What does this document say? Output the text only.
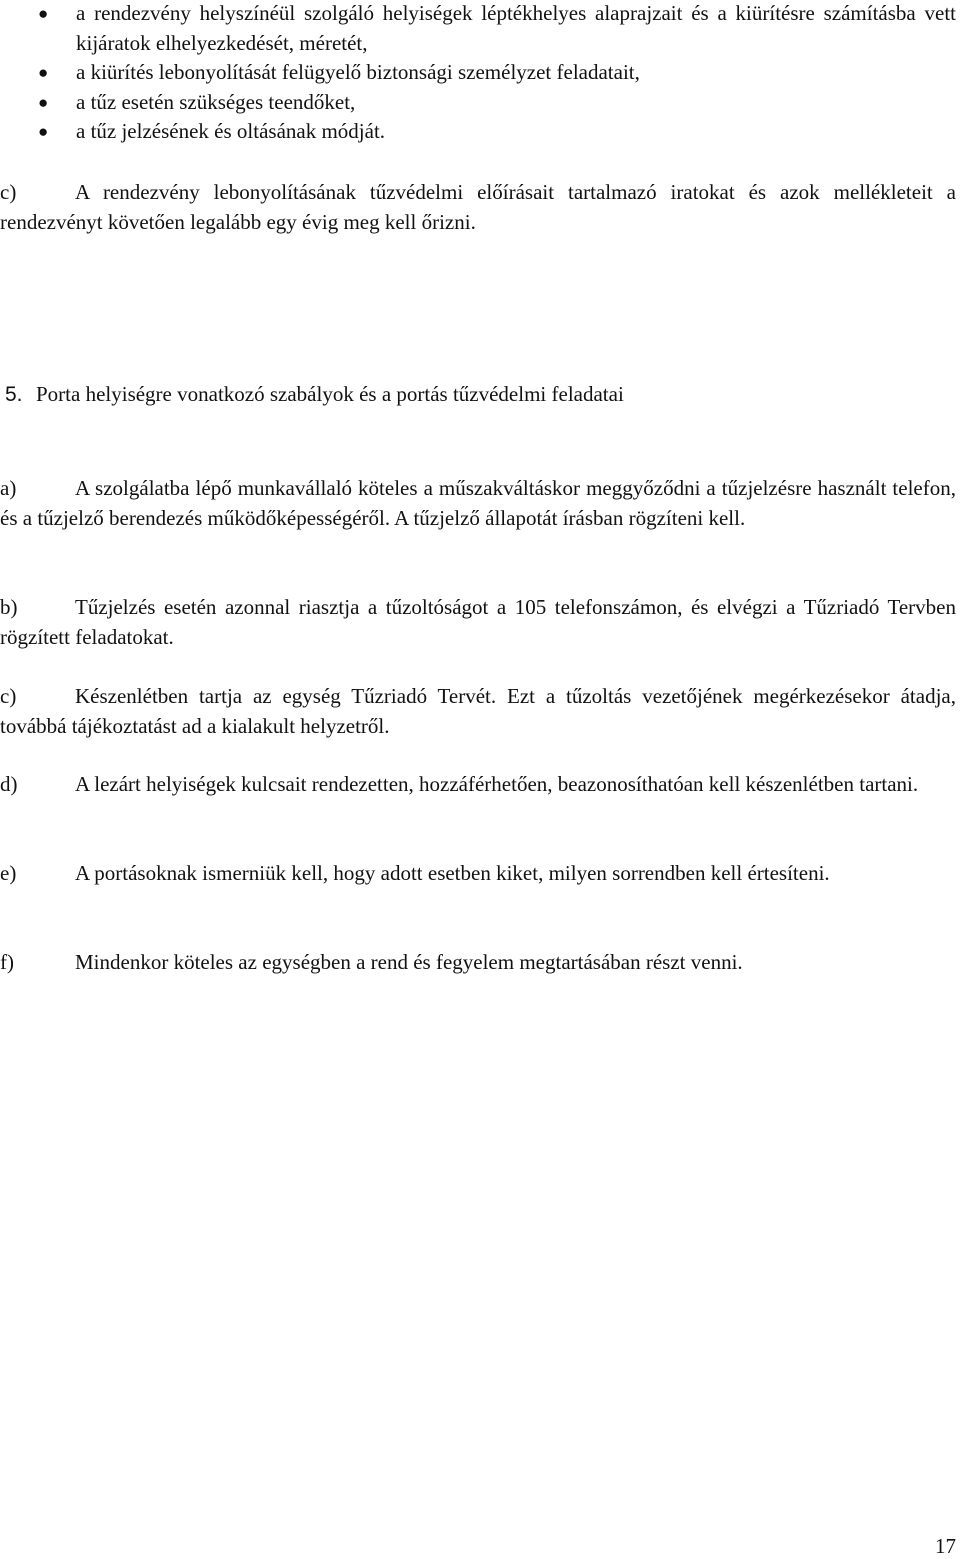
● a rendezvény helyszínéül szolgáló helyiségek léptékhelyes alaprajzait és a kiürítésre számításba vett kijáratok elhelyezkedését, méretét,
● a kiürítés lebonyolítását felügyelő biztonsági személyzet feladatait,
● a tűz esetén szükséges teendőket,
● a tűz jelzésének és oltásának módját.

c)	A rendezvény lebonyolításának tűzvédelmi előírásait tartalmazó iratokat és azok mellékleteit a rendezvényt követően legalább egy évig meg kell őrizni.

5. Porta helyiségre vonatkozó szabályok és a portás tűzvédelmi feladatai

a)	A szolgálatba lépő munkavállaló köteles a műszakváltáskor meggyőződni a tűzjelzésre használt telefon, és a tűzjelző berendezés működőképességéről. A tűzjelző állapotát írásban rögzíteni kell.

b)	Tűzjelzés esetén azonnal riasztja a tűzoltóságot a 105 telefonszámon, és elvégzi a Tűzriadó Tervben rögzített feladatokat.

c)	Készenlétben tartja az egység Tűzriadó Tervét. Ezt a tűzoltás vezetőjének megérkezésekor átadja, továbbá tájékoztatást ad a kialakult helyzetről.

d)	A lezárt helyiségek kulcsait rendezetten, hozzáférhetően, beazonosíthatóan kell készenlétben tartani.

e)	A portásoknak ismerniük kell, hogy adott esetben kiket, milyen sorrendben kell értesíteni.

f)	Mindenkor köteles az egységben a rend és fegyelem megtartásában részt venni.

17
